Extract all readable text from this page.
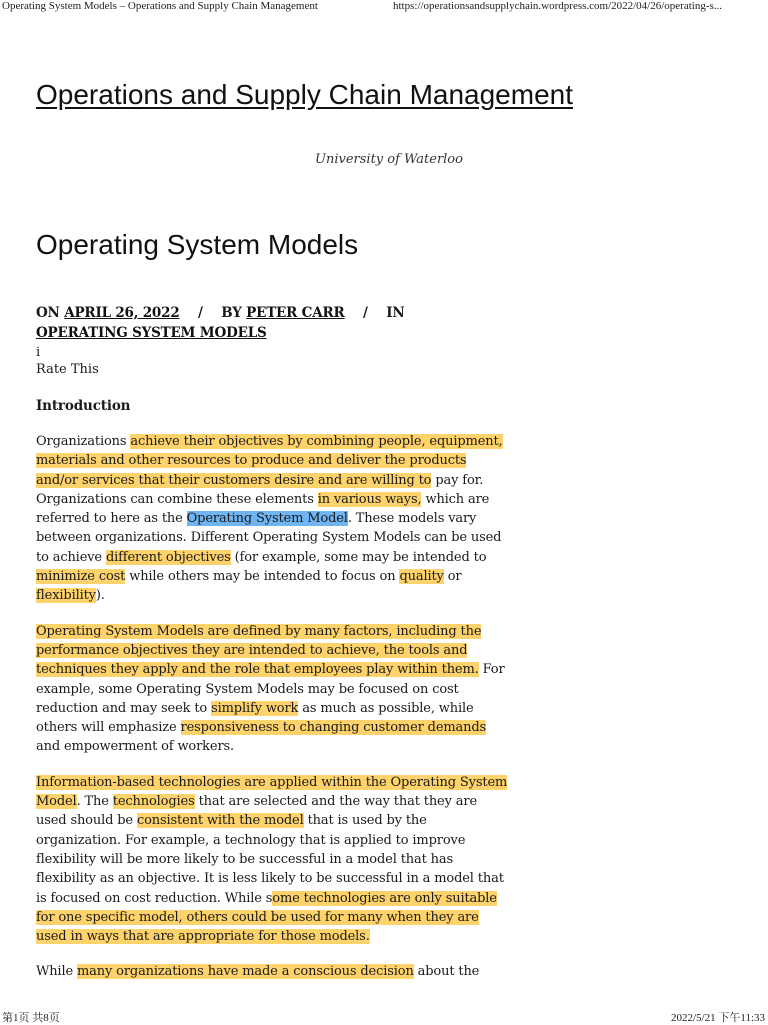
Operating System Models – Operations and Supply Chain Management	https://operationsandsupplychain.wordpress.com/2022/04/26/operating-s...
Operations and Supply Chain Management
University of Waterloo
Operating System Models
ON APRIL 26, 2022 / BY PETER CARR / IN OPERATING SYSTEM MODELS
i
Rate This
Introduction

Organizations achieve their objectives by combining people, equipment, materials and other resources to produce and deliver the products and/or services that their customers desire and are willing to pay for. Organizations can combine these elements in various ways, which are referred to here as the Operating System Model. These models vary between organizations. Different Operating System Models can be used to achieve different objectives (for example, some may be intended to minimize cost while others may be intended to focus on quality or flexibility).

Operating System Models are defined by many factors, including the performance objectives they are intended to achieve, the tools and techniques they apply and the role that employees play within them. For example, some Operating System Models may be focused on cost reduction and may seek to simplify work as much as possible, while others will emphasize responsiveness to changing customer demands and empowerment of workers.

Information-based technologies are applied within the Operating System Model. The technologies that are selected and the way that they are used should be consistent with the model that is used by the organization. For example, a technology that is applied to improve flexibility will be more likely to be successful in a model that has flexibility as an objective. It is less likely to be successful in a model that is focused on cost reduction. While some technologies are only suitable for one specific model, others could be used for many when they are used in ways that are appropriate for those models.

While many organizations have made a conscious decision about the

第1页 共8页	2022/5/21 下午11:33
